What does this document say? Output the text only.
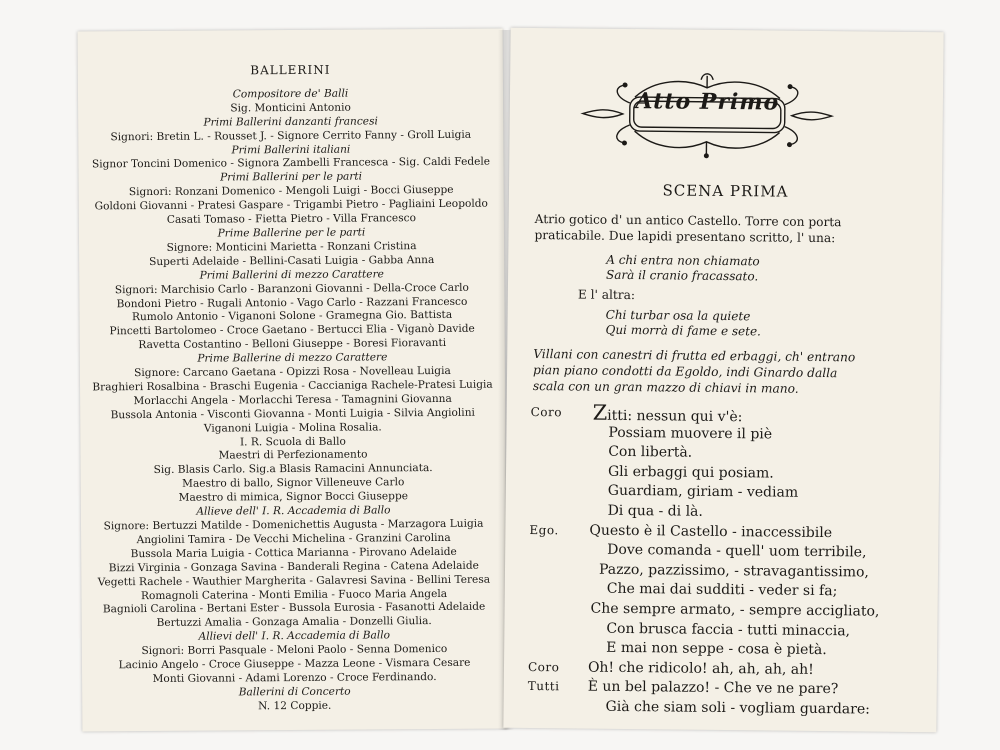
BALLERINI
Compositore de' Balli
Sig. Monticini Antonio
Primi Ballerini danzanti francesi
Signori: Bretin L. - Rousset J. - Signore Cerrito Fanny - Groll Luigia
Primi Ballerini italiani
Signor Toncini Domenico - Signora Zambelli Francesca - Sig. Caldi Fedele
Primi Ballerini per le parti
Signori: Ronzani Domenico - Mengoli Luigi - Bocci Giuseppe
Goldoni Giovanni - Pratesi Gaspare - Trigambi Pietro - Pagliaini Leopoldo
Casati Tomaso - Fietta Pietro - Villa Francesco
Prime Ballerine per le parti
Signore: Monticini Marietta - Ronzani Cristina
Superti Adelaide - Bellini-Casati Luigia - Gabba Anna
Primi Ballerini di mezzo Carattere
Signori: Marchisio Carlo - Baranzoni Giovanni - Della-Croce Carlo
Bondoni Pietro - Rugali Antonio - Vago Carlo - Razzani Francesco
Rumolo Antonio - Viganoni Solone - Gramegna Gio. Battista
Pincetti Bartolomeo - Croce Gaetano - Bertucci Elia - Viganò Davide
Ravetta Costantino - Belloni Giuseppe - Boresi Fioravanti
Prime Ballerine di mezzo Carattere
Signore: Carcano Gaetana - Opizzi Rosa - Novelleau Luigia
Braghieri Rosalbina - Braschi Eugenia - Caccianiga Rachele-Pratesi Luigia
Morlacchi Angela - Morlacchi Teresa - Tamagnini Giovanna
Bussola Antonia - Visconti Giovanna - Monti Luigia - Silvia Angiolini
Viganoni Luigia - Molina Rosalia.
I. R. Scuola di Ballo
Maestri di Perfezionamento
Sig. Blasis Carlo. Sig.a Blasis Ramacini Annunciata.
Maestro di ballo, Signor Villeneuve Carlo
Maestro di mimica, Signor Bocci Giuseppe
Allieve dell' I. R. Accademia di Ballo
Signore: Bertuzzi Matilde - Domenichettis Augusta - Marzagora Luigia
Angiolini Tamira - De Vecchi Michelina - Granzini Carolina
Bussola Maria Luigia - Cottica Marianna - Pirovano Adelaide
Bizzi Virginia - Gonzaga Savina - Banderali Regina - Catena Adelaide
Vegetti Rachele - Wauthier Margherita - Galavresi Savina - Bellini Teresa
Romagnoli Caterina - Monti Emilia - Fuoco Maria Angela
Bagnioli Carolina - Bertani Ester - Bussola Eurosia - Fasanotti Adelaide
Bertuzzi Amalia - Gonzaga Amalia - Donzelli Giulia.
Allievi dell' I. R. Accademia di Ballo
Signori: Borri Pasquale - Meloni Paolo - Senna Domenico
Lacinio Angelo - Croce Giuseppe - Mazza Leone - Vismara Cesare
Monti Giovanni - Adami Lorenzo - Croce Ferdinando.
Ballerini di Concerto
N. 12 Coppie.
Atto Primo
SCENA PRIMA
Atrio gotico d' un antico Castello. Torre con porta
praticabile. Due lapidi presentano scritto, l' una:
A chi entra non chiamato
Sarà il cranio fracassato.
E l' altra:
Chi turbar osa la quiete
Qui morrà di fame e sete.
Villani con canestri di frutta ed erbaggi, ch' entrano
pian piano condotti da Egoldo, indi Ginardo dalla
scala con un gran mazzo di chiavi in mano.
Coro Zitti: nessun qui v'è:
Possiam muovere il piè
Con libertà.
Gli erbaggi qui posiam.
Guardiam, giriam - vediam
Di qua - di là.
Ego. Questo è il Castello - inaccessibile
Dove comanda - quell' uom terribile,
Pazzo, pazzissimo, - stravagantissimo,
Che mai dai sudditi - veder si fa;
Che sempre armato, - sempre accigliato,
Con brusca faccia - tutti minaccia,
E mai non seppe - cosa è pietà.
Coro Oh! che ridicolo! ah, ah, ah, ah!
Tutti È un bel palazzo! - Che ve ne pare?
Già che siam soli - vogliam guardare:
